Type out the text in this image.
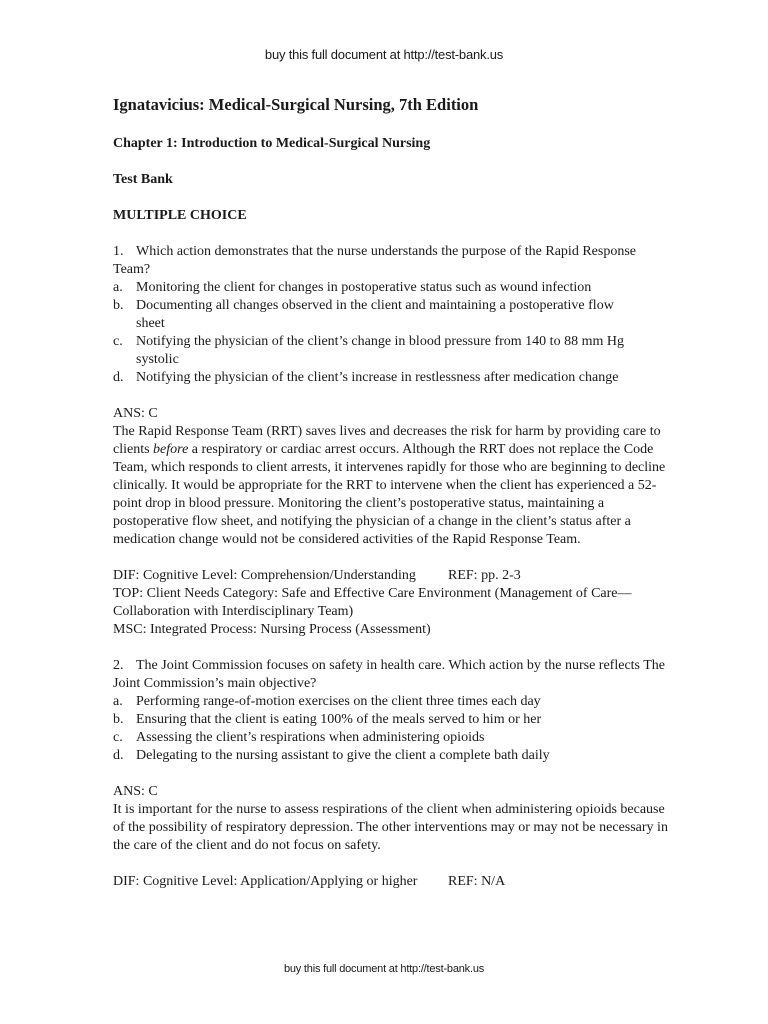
buy this full document at http://test-bank.us
Ignatavicius: Medical-Surgical Nursing, 7th Edition
Chapter 1: Introduction to Medical-Surgical Nursing
Test Bank
MULTIPLE CHOICE

1. Which action demonstrates that the nurse understands the purpose of the Rapid Response Team?

a. Monitoring the client for changes in postoperative status such as wound infection
b. Documenting all changes observed in the client and maintaining a postoperative flow sheet
c. Notifying the physician of the client’s change in blood pressure from 140 to 88 mm Hg systolic
d. Notifying the physician of the client’s increase in restlessness after medication change

ANS: C

The Rapid Response Team (RRT) saves lives and decreases the risk for harm by providing care to clients before a respiratory or cardiac arrest occurs. Although the RRT does not replace the Code Team, which responds to client arrests, it intervenes rapidly for those who are beginning to decline clinically. It would be appropriate for the RRT to intervene when the client has experienced a 52-point drop in blood pressure. Monitoring the client’s postoperative status, maintaining a postoperative flow sheet, and notifying the physician of a change in the client’s status after a medication change would not be considered activities of the Rapid Response Team.

DIF: Cognitive Level: Comprehension/Understanding REF: pp. 2-3

TOP: Client Needs Category: Safe and Effective Care Environment (Management of Care—Collaboration with Interdisciplinary Team)

MSC: Integrated Process: Nursing Process (Assessment)

2. The Joint Commission focuses on safety in health care. Which action by the nurse reflects The Joint Commission’s main objective?

a. Performing range-of-motion exercises on the client three times each day
b. Ensuring that the client is eating 100% of the meals served to him or her
c. Assessing the client’s respirations when administering opioids
d. Delegating to the nursing assistant to give the client a complete bath daily

ANS: C

It is important for the nurse to assess respirations of the client when administering opioids because of the possibility of respiratory depression. The other interventions may or may not be necessary in the care of the client and do not focus on safety.

DIF: Cognitive Level: Application/Applying or higher REF: N/A

buy this full document at http://test-bank.us
